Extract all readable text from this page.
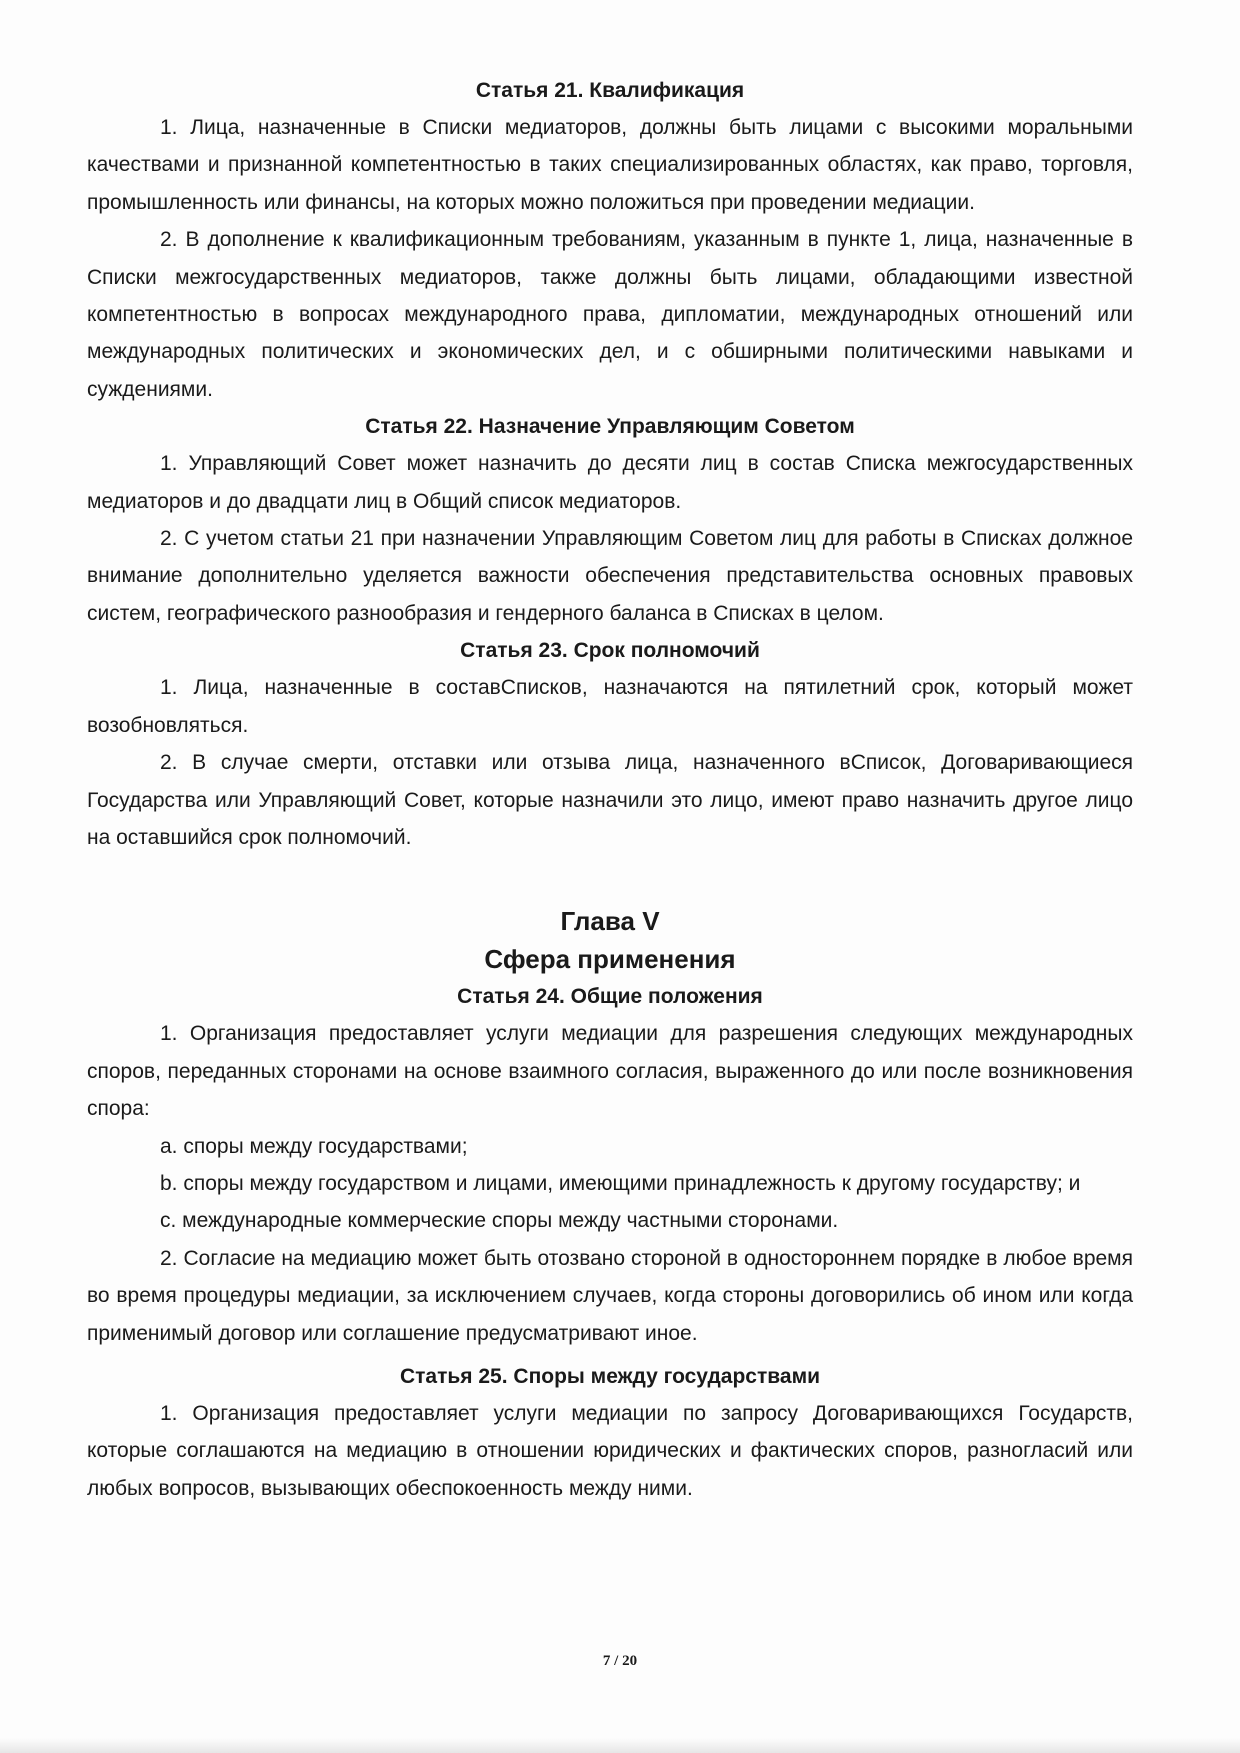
Статья 21. Квалификация

1. Лица, назначенные в Списки медиаторов, должны быть лицами с высокими моральными качествами и признанной компетентностью в таких специализированных областях, как право, торговля, промышленность или финансы, на которых можно положиться при проведении медиации.

2. В дополнение к квалификационным требованиям, указанным в пункте 1, лица, назначенные в Списки межгосударственных медиаторов, также должны быть лицами, обладающими известной компетентностью в вопросах международного права, дипломатии, международных отношений или международных политических и экономических дел, и с обширными политическими навыками и суждениями.

Статья 22. Назначение Управляющим Советом

1. Управляющий Совет может назначить до десяти лиц в состав Списка межгосударственных медиаторов и до двадцати лиц в Общий список медиаторов.

2. С учетом статьи 21 при назначении Управляющим Советом лиц для работы в Списках должное внимание дополнительно уделяется важности обеспечения представительства основных правовых систем, географического разнообразия и гендерного баланса в Списках в целом.

Статья 23. Срок полномочий

1. Лица, назначенные в составСписков, назначаются на пятилетний срок, который может возобновляться.

2. В случае смерти, отставки или отзыва лица, назначенного вСписок, Договаривающиеся Государства или Управляющий Совет, которые назначили это лицо, имеют право назначить другое лицо на оставшийся срок полномочий.

Глава V
Сфера применения
Статья 24. Общие положения

1. Организация предоставляет услуги медиации для разрешения следующих международных споров, переданных сторонами на основе взаимного согласия, выраженного до или после возникновения спора:

a. споры между государствами;

b. споры между государством и лицами, имеющими принадлежность к другому государству; и

c. международные коммерческие споры между частными сторонами.

2. Согласие на медиацию может быть отозвано стороной в одностороннем порядке в любое время во время процедуры медиации, за исключением случаев, когда стороны договорились об ином или когда применимый договор или соглашение предусматривают иное.

Статья 25. Споры между государствами

1. Организация предоставляет услуги медиации по запросу Договаривающихся Государств, которые соглашаются на медиацию в отношении юридических и фактических споров, разногласий или любых вопросов, вызывающих обеспокоенность между ними.

7 / 20
